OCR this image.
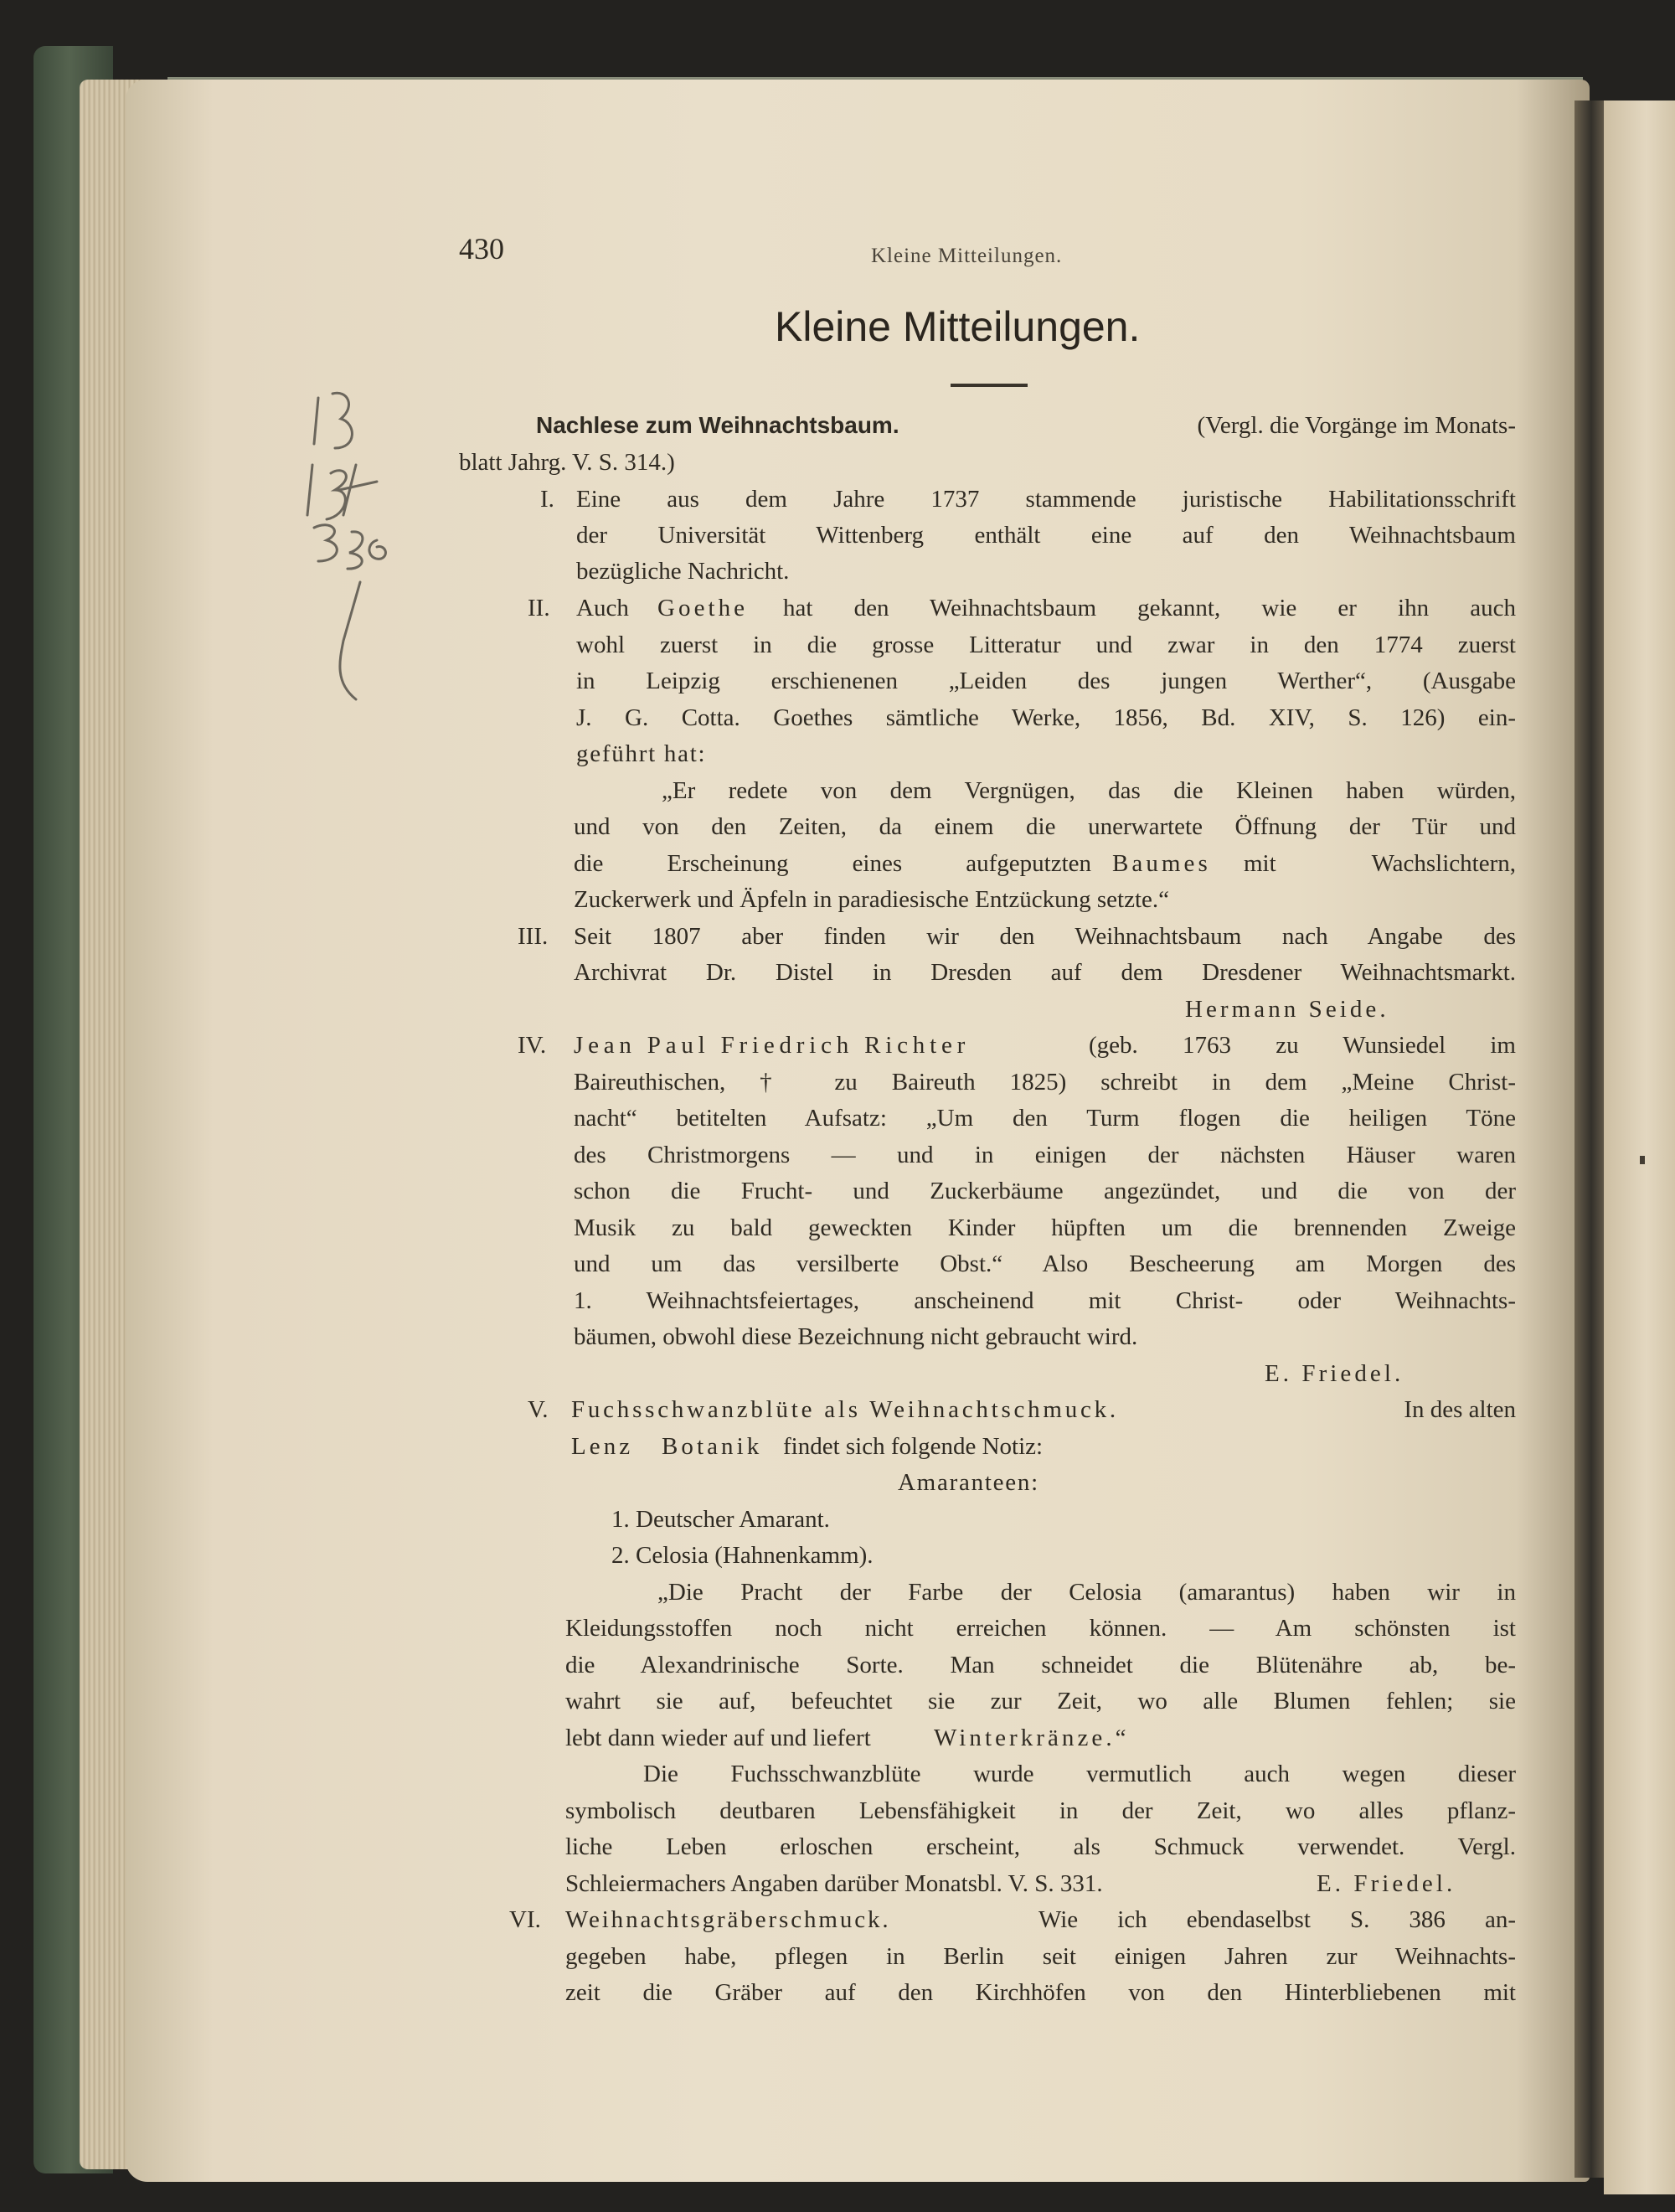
430	Kleine Mitteilungen.
Kleine Mitteilungen.
Nachlese zum Weihnachtsbaum.	(Vergl. die Vorgänge im Monats-
blatt Jahrg. V. S. 314.)
I. Eine aus dem Jahre 1737 stammende juristische Habilitationsschrift
der Universität Wittenberg enthält eine auf den Weihnachtsbaum
bezügliche Nachricht.
II. Auch Goethe hat den Weihnachtsbaum gekannt, wie er ihn auch
wohl zuerst in die grosse Litteratur und zwar in den 1774 zuerst
in Leipzig erschienenen „Leiden des jungen Werther“, (Ausgabe
J. G. Cotta. Goethes sämtliche Werke, 1856, Bd. XIV, S. 126) ein-
geführt hat:
„Er redete von dem Vergnügen, das die Kleinen haben würden,
und von den Zeiten, da einem die unerwartete Öffnung der Tür und
die Erscheinung eines aufgeputzten Baumes mit Wachslichtern,
Zuckerwerk und Äpfeln in paradiesische Entzückung setzte.“
III. Seit 1807 aber finden wir den Weihnachtsbaum nach Angabe des
Archivrat Dr. Distel in Dresden auf dem Dresdener Weihnachtsmarkt.
Hermann Seide.
IV. Jean Paul Friedrich Richter	(geb. 1763 zu Wunsiedel im
Baireuthischen, † zu Baireuth 1825) schreibt in dem „Meine Christ-
nacht“ betitelten Aufsatz: „Um den Turm flogen die heiligen Töne
des Christmorgens — und in einigen der nächsten Häuser waren
schon die Frucht- und Zuckerbäume angezündet, und die von der
Musik zu bald geweckten Kinder hüpften um die brennenden Zweige
und um das versilberte Obst.“ Also Bescheerung am Morgen des
1. Weihnachtsfeiertages, anscheinend mit Christ- oder Weihnachts-
bäumen, obwohl diese Bezeichnung nicht gebraucht wird.
E. Friedel.
V. Fuchsschwanzblüte als Weihnachtschmuck.	In des alten
Lenz Botanik findet sich folgende Notiz:
Amaranteen:
1. Deutscher Amarant.
2. Celosia (Hahnenkamm).
„Die Pracht der Farbe der Celosia (amarantus) haben wir in
Kleidungsstoffen noch nicht erreichen können. — Am schönsten ist
die Alexandrinische Sorte. Man schneidet die Blütenähre ab, be-
wahrt sie auf, befeuchtet sie zur Zeit, wo alle Blumen fehlen; sie
lebt dann wieder auf und liefert	Winterkränze.“
Die Fuchsschwanzblüte wurde vermutlich auch wegen dieser
symbolisch deutbaren Lebensfähigkeit in der Zeit, wo alles pflanz-
liche Leben erloschen erscheint, als Schmuck verwendet. Vergl.
Schleiermachers Angaben darüber Monatsbl. V. S. 331.	E. Friedel.
VI. Weihnachtsgräberschmuck.	Wie ich ebendaselbst S. 386 an-
gegeben habe, pflegen in Berlin seit einigen Jahren zur Weihnachts-
zeit die Gräber auf den Kirchhöfen von den Hinterbliebenen mit
